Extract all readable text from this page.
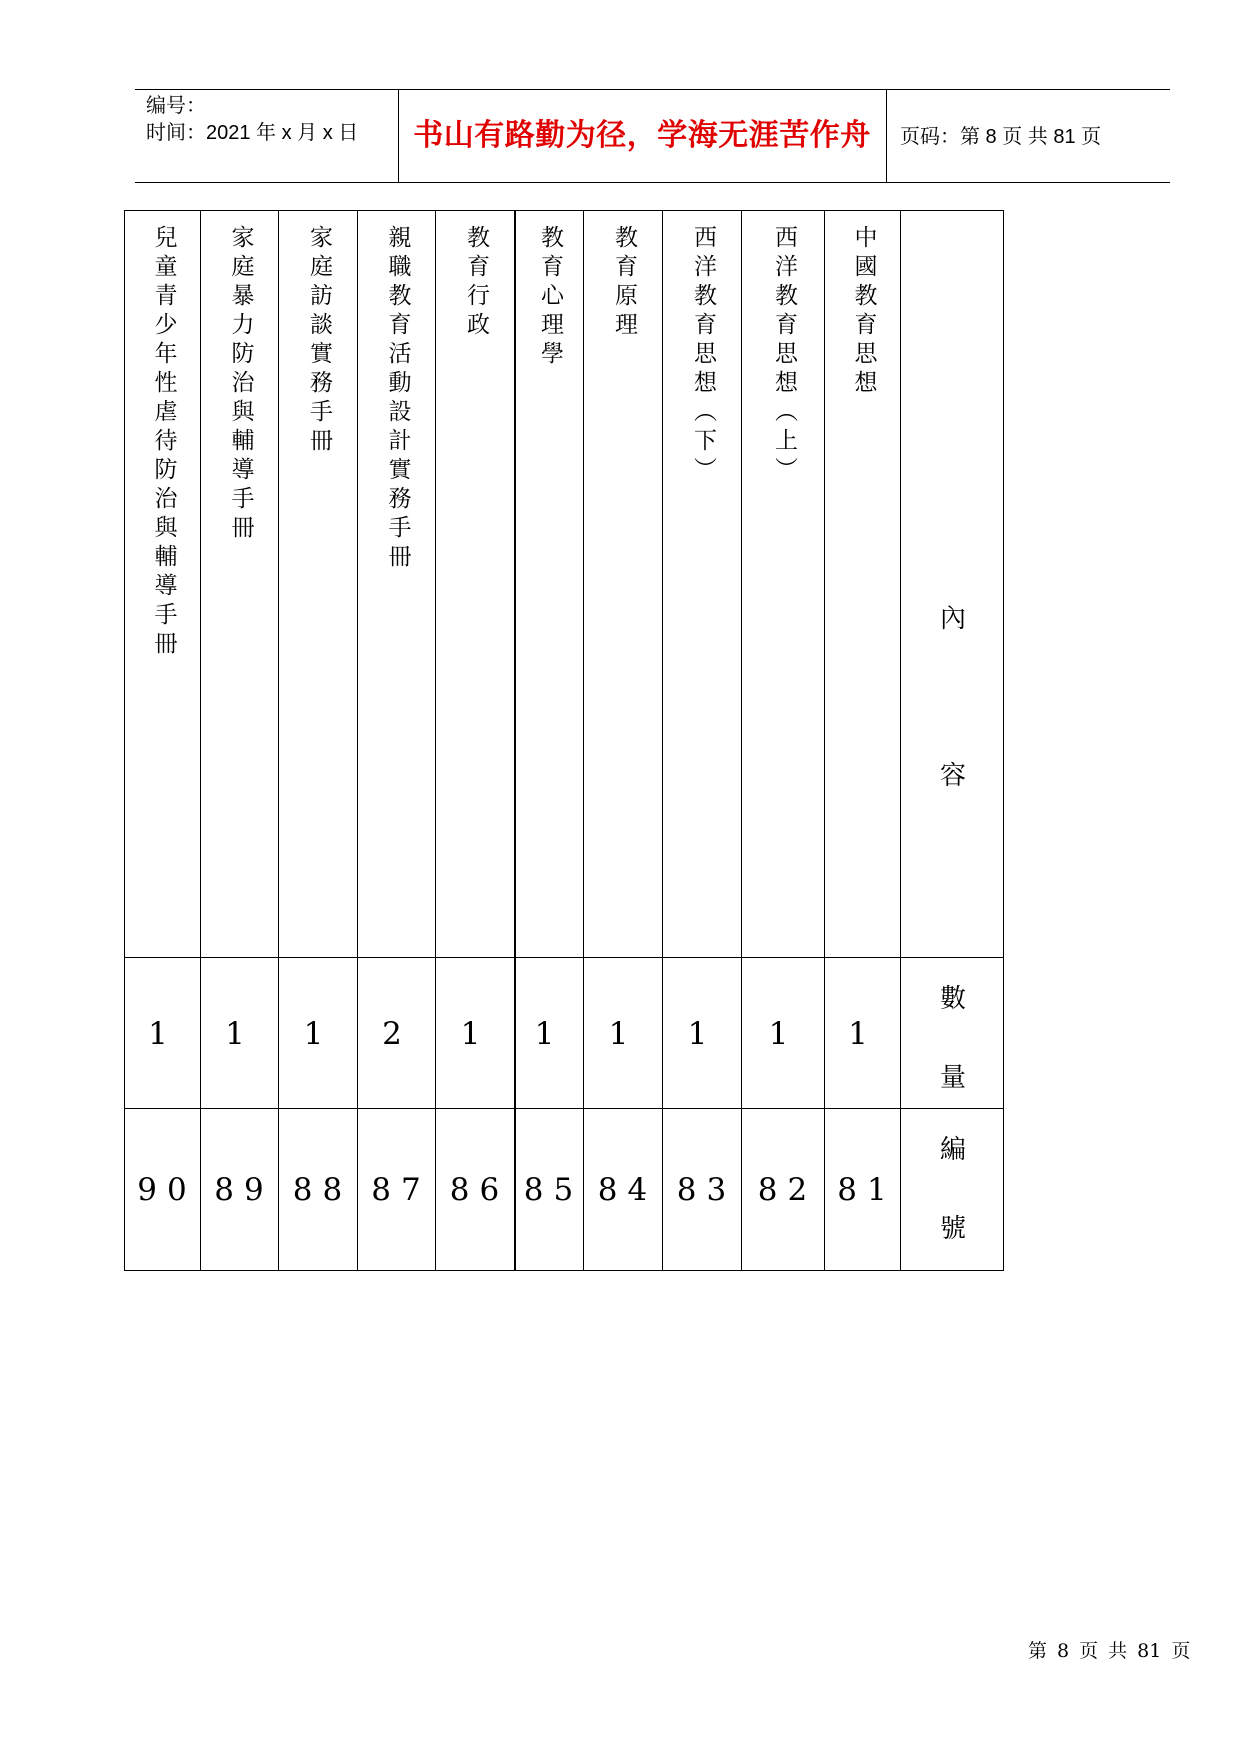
编号：
时间：2021 年 x 月 x 日	书山有路勤为径，学海无涯苦作舟	页码：第 8 页 共 81 页
兒童青少年性虐待防治與輔導手冊
1
90
家庭暴力防治與輔導手冊
1
89
家庭訪談實務手冊
1
88
親職教育活動設計實務手冊
2
87
教育行政
1
86
教育心理學
1
85
教育原理
1
84
西洋教育思想（下）
1
83
西洋教育思想（上）
1
82
中國教育思想
1
81
內
容
數
量
編
號
第 8 页 共 81 页
